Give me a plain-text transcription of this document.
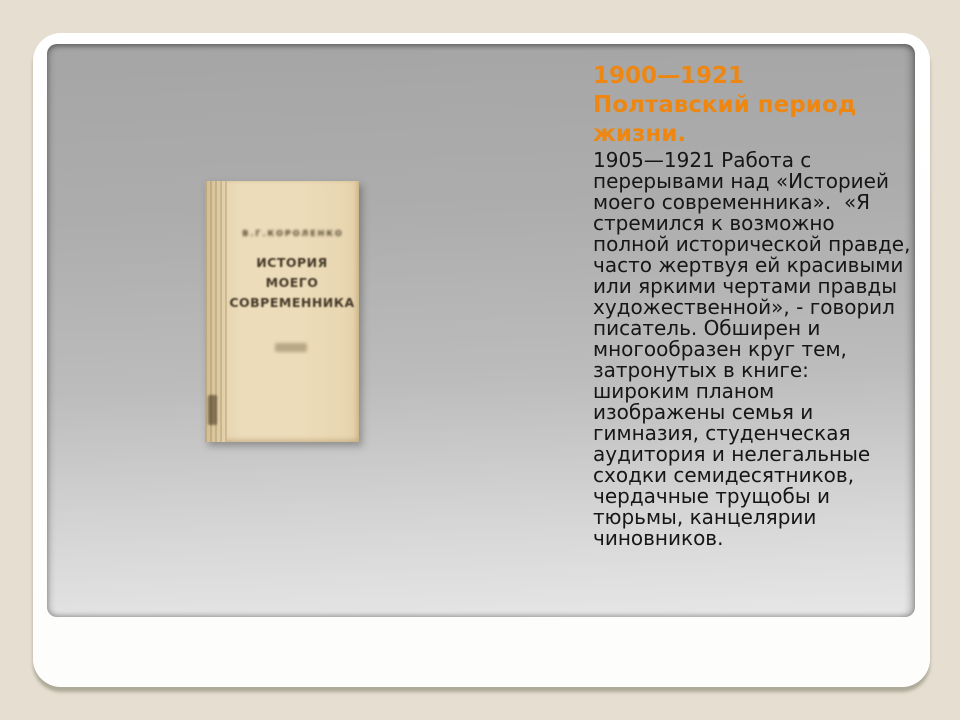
В.Г.КОРОЛЕНКО
ИСТОРИЯ
МОЕГО
СОВРЕМЕННИКА
1900—1921
Полтавский период
жизни.

1905—1921 Работа с перерывами над «Историей моего современника».  «Я стремился к возможно полной исторической правде, часто жертвуя ей красивыми или яркими чертами правды художественной», - говорил писатель. Обширен и многообразен круг тем, затронутых в книге: широким планом изображены семья и гимназия, студенческая аудитория и нелегальные сходки семидесятников, чердачные трущобы и тюрьмы, канцелярии чиновников.
